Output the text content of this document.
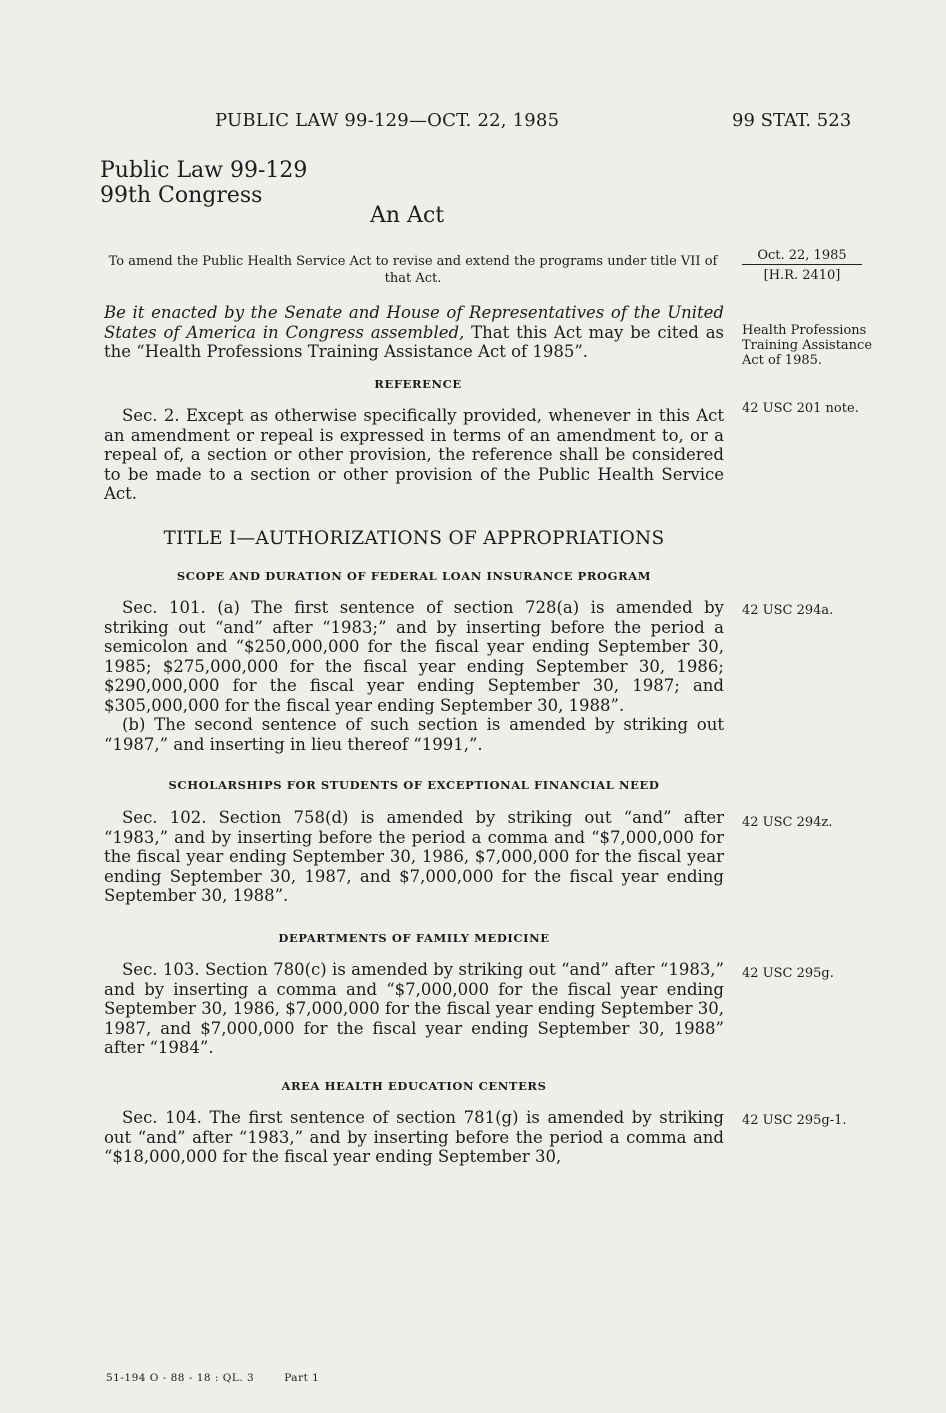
PUBLIC LAW 99-129—OCT. 22, 1985	99 STAT. 523
Public Law 99-129
99th Congress
An Act
To amend the Public Health Service Act to revise and extend the programs under title VII of that Act.
Oct. 22, 1985
[H.R. 2410]
Be it enacted by the Senate and House of Representatives of the United States of America in Congress assembled, That this Act may be cited as the “Health Professions Training Assistance Act of 1985”.
Health Professions Training Assistance Act of 1985.
42 USC 201 note.
REFERENCE
Sec. 2. Except as otherwise specifically provided, whenever in this Act an amendment or repeal is expressed in terms of an amendment to, or a repeal of, a section or other provision, the reference shall be considered to be made to a section or other provision of the Public Health Service Act.
TITLE I—AUTHORIZATIONS OF APPROPRIATIONS
SCOPE AND DURATION OF FEDERAL LOAN INSURANCE PROGRAM

Sec. 101. (a) The first sentence of section 728(a) is amended by striking out “and” after “1983;” and by inserting before the period a semicolon and “$250,000,000 for the fiscal year ending September 30, 1985; $275,000,000 for the fiscal year ending September 30, 1986; $290,000,000 for the fiscal year ending September 30, 1987; and $305,000,000 for the fiscal year ending September 30, 1988”.

(b) The second sentence of such section is amended by striking out “1987,” and inserting in lieu thereof “1991,”.

42 USC 294a.
SCHOLARSHIPS FOR STUDENTS OF EXCEPTIONAL FINANCIAL NEED
Sec. 102. Section 758(d) is amended by striking out “and” after “1983,” and by inserting before the period a comma and “$7,000,000 for the fiscal year ending September 30, 1986, $7,000,000 for the fiscal year ending September 30, 1987, and $7,000,000 for the fiscal year ending September 30, 1988”.
42 USC 294z.
DEPARTMENTS OF FAMILY MEDICINE
Sec. 103. Section 780(c) is amended by striking out “and” after “1983,” and by inserting a comma and “$7,000,000 for the fiscal year ending September 30, 1986, $7,000,000 for the fiscal year ending September 30, 1987, and $7,000,000 for the fiscal year ending September 30, 1988” after “1984”.
42 USC 295g.
AREA HEALTH EDUCATION CENTERS
Sec. 104. The first sentence of section 781(g) is amended by striking out “and” after “1983,” and by inserting before the period a comma and “$18,000,000 for the fiscal year ending September 30,
42 USC 295g-1.
51-194 O - 88 - 18 : QL. 3	Part 1
